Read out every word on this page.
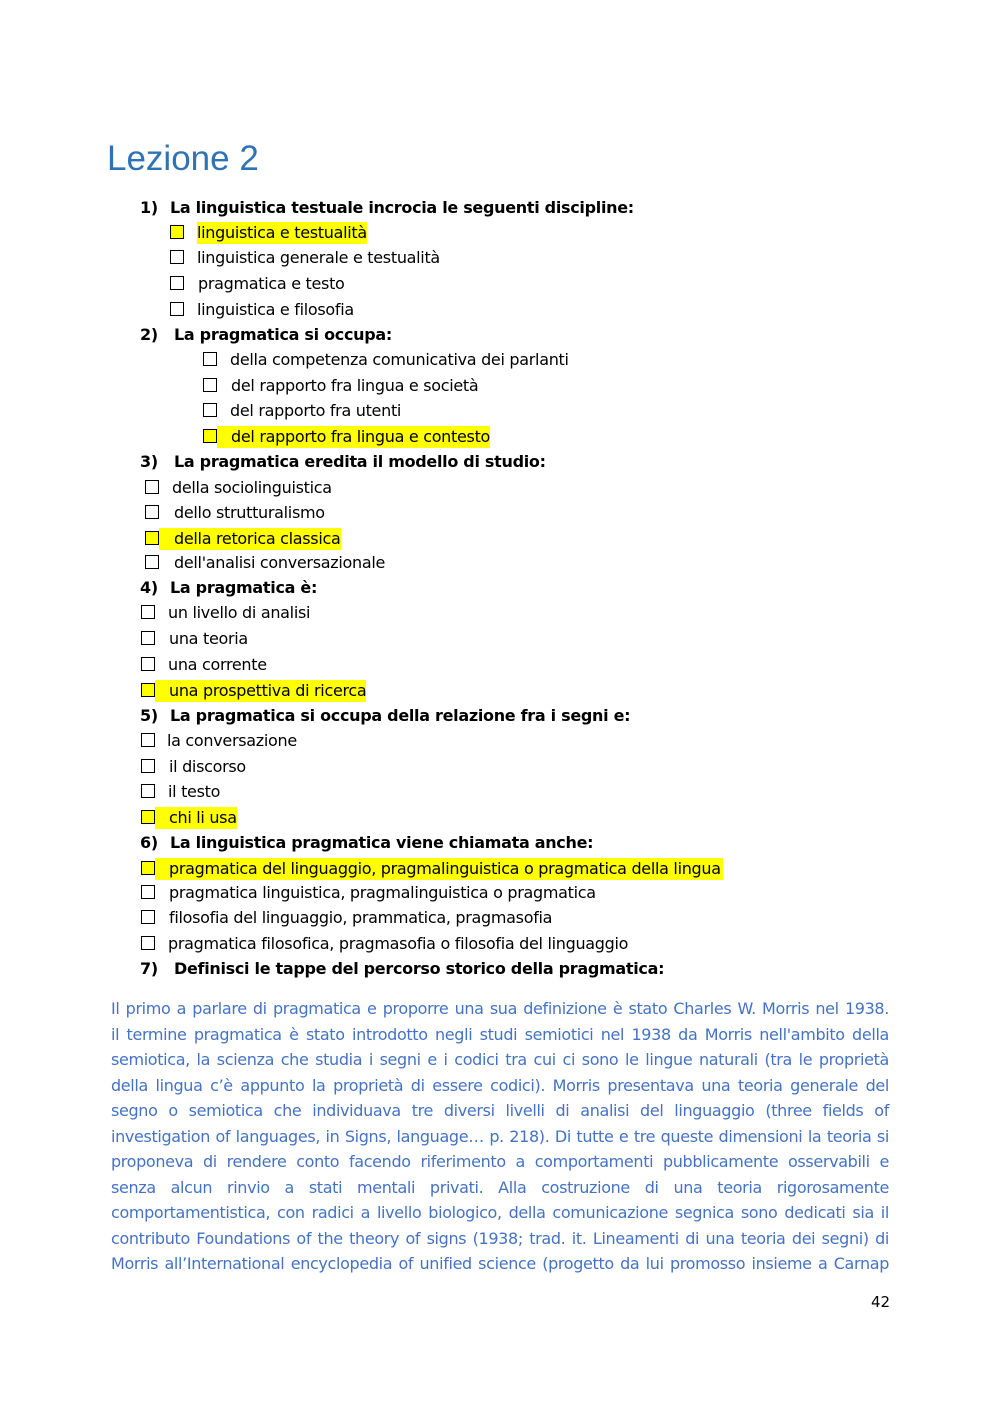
Lezione 2
1) La linguistica testuale incrocia le seguenti discipline:
linguistica e testualità
linguistica generale e testualità
pragmatica e testo
linguistica e filosofia
2) La pragmatica si occupa:
della competenza comunicativa dei parlanti
del rapporto fra lingua e società
del rapporto fra utenti
del rapporto fra lingua e contesto
3) La pragmatica eredita il modello di studio:
della sociolinguistica
dello strutturalismo
della retorica classica
dell'analisi conversazionale
4) La pragmatica è:
un livello di analisi
una teoria
una corrente
una prospettiva di ricerca
5) La pragmatica si occupa della relazione fra i segni e:
la conversazione
il discorso
il testo
chi li usa
6) La linguistica pragmatica viene chiamata anche:
pragmatica del linguaggio, pragmalinguistica o pragmatica della lingua
pragmatica linguistica, pragmalinguistica o pragmatica
filosofia del linguaggio, prammatica, pragmasofia
pragmatica filosofica, pragmasofia o filosofia del linguaggio
7) Definisci le tappe del percorso storico della pragmatica:
Il primo a parlare di pragmatica e proporre una sua definizione è stato Charles W. Morris nel 1938.
il termine pragmatica è stato introdotto negli studi semiotici nel 1938 da Morris nell'ambito della
semiotica, la scienza che studia i segni e i codici tra cui ci sono le lingue naturali (tra le proprietà
della lingua c’è appunto la proprietà di essere codici). Morris presentava una teoria generale del
segno o semiotica che individuava tre diversi livelli di analisi del linguaggio (three fields of
investigation of languages, in Signs, language… p. 218). Di tutte e tre queste dimensioni la teoria si
proponeva di rendere conto facendo riferimento a comportamenti pubblicamente osservabili e
senza alcun rinvio a stati mentali privati. Alla costruzione di una teoria rigorosamente
comportamentistica, con radici a livello biologico, della comunicazione segnica sono dedicati sia il
contributo Foundations of the theory of signs (1938; trad. it. Lineamenti di una teoria dei segni) di
Morris all’International encyclopedia of unified science (progetto da lui promosso insieme a Carnap
42
